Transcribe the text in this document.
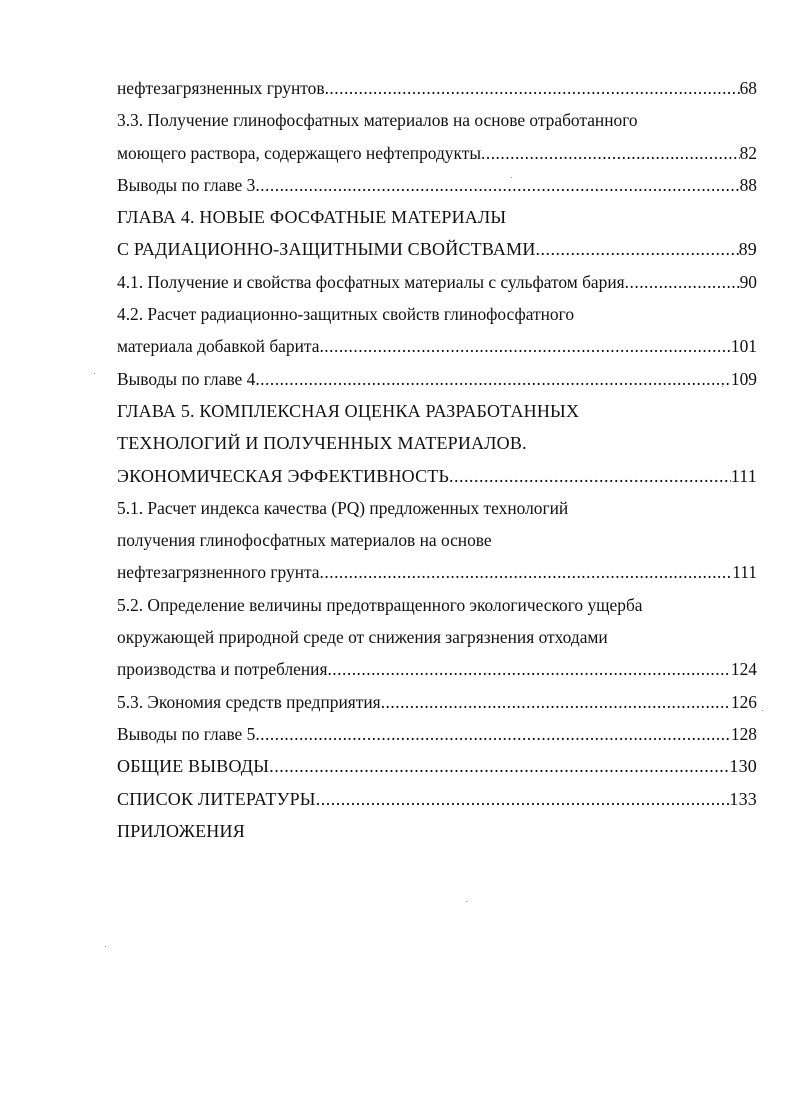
нефтезагрязненных грунтов .....	68
3.3. Получение глинофосфатных материалов на основе отработанного
моющего раствора, содержащего нефтепродукты .....	82
Выводы по главе 3 .....	88
ГЛАВА 4. НОВЫЕ ФОСФАТНЫЕ МАТЕРИАЛЫ
С РАДИАЦИОННО-ЗАЩИТНЫМИ СВОЙСТВАМИ .....	89
4.1. Получение и свойства фосфатных материалы с сульфатом бария .....	90
4.2. Расчет радиационно-защитных свойств глинофосфатного
материала добавкой барита .....	101
Выводы по главе 4 .....	109
ГЛАВА 5. КОМПЛЕКСНАЯ ОЦЕНКА РАЗРАБОТАННЫХ
ТЕХНОЛОГИЙ И ПОЛУЧЕННЫХ МАТЕРИАЛОВ.
ЭКОНОМИЧЕСКАЯ ЭФФЕКТИВНОСТЬ .....	111
5.1. Расчет индекса качества (PQ) предложенных технологий
получения глинофосфатных материалов на основе
нефтезагрязненного грунта .....	111
5.2. Определение величины предотвращенного экологического ущерба
окружающей природной среде от снижения загрязнения отходами
производства и потребления .....	124
5.3. Экономия средств предприятия .....	126
Выводы по главе 5 .....	128
ОБЩИЕ ВЫВОДЫ .....	130
СПИСОК ЛИТЕРАТУРЫ .....	133
ПРИЛОЖЕНИЯ
